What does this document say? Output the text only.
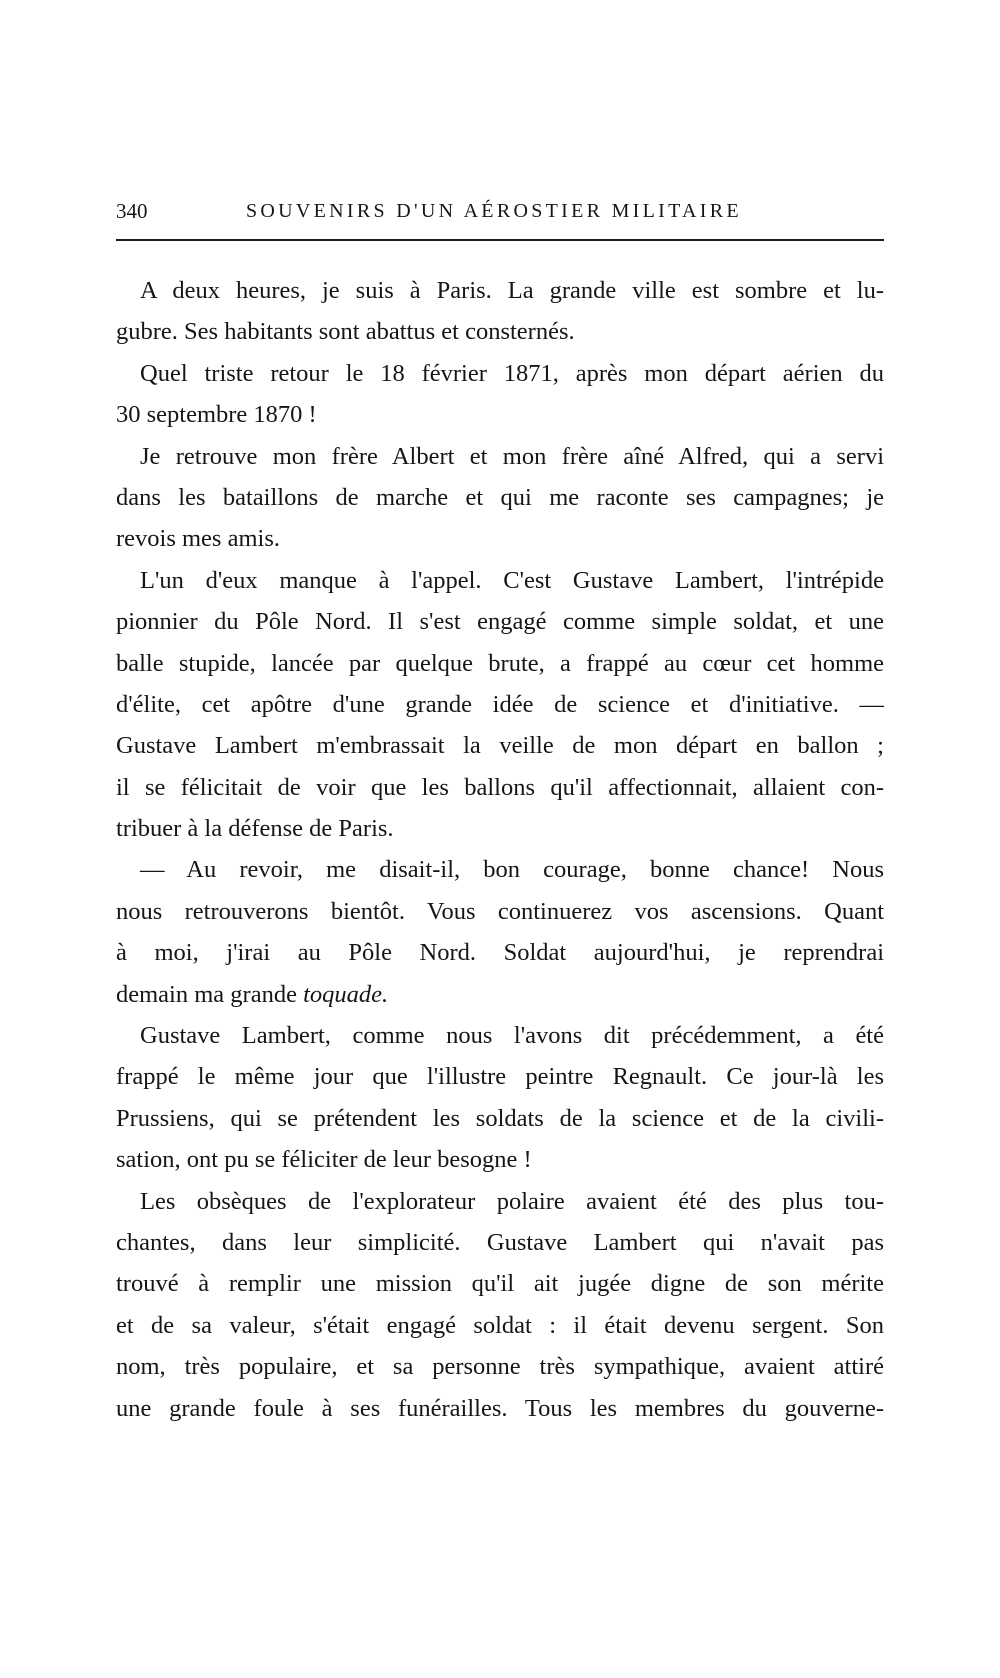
340	SOUVENIRS D'UN AÉROSTIER MILITAIRE
A deux heures, je suis à Paris. La grande ville est sombre et lu-
gubre. Ses habitants sont abattus et consternés.
Quel triste retour le 18 février 1871, après mon départ aérien du
30 septembre 1870 !
Je retrouve mon frère Albert et mon frère aîné Alfred, qui a servi
dans les bataillons de marche et qui me raconte ses campagnes; je
revois mes amis.
L'un d'eux manque à l'appel. C'est Gustave Lambert, l'intrépide
pionnier du Pôle Nord. Il s'est engagé comme simple soldat, et une
balle stupide, lancée par quelque brute, a frappé au cœur cet homme
d'élite, cet apôtre d'une grande idée de science et d'initiative. —
Gustave Lambert m'embrassait la veille de mon départ en ballon ;
il se félicitait de voir que les ballons qu'il affectionnait, allaient con-
tribuer à la défense de Paris.
— Au revoir, me disait-il, bon courage, bonne chance! Nous
nous retrouverons bientôt. Vous continuerez vos ascensions. Quant
à moi, j'irai au Pôle Nord. Soldat aujourd'hui, je reprendrai
demain ma grande toquade.
Gustave Lambert, comme nous l'avons dit précédemment, a été
frappé le même jour que l'illustre peintre Regnault. Ce jour-là les
Prussiens, qui se prétendent les soldats de la science et de la civili-
sation, ont pu se féliciter de leur besogne !
Les obsèques de l'explorateur polaire avaient été des plus tou-
chantes, dans leur simplicité. Gustave Lambert qui n'avait pas
trouvé à remplir une mission qu'il ait jugée digne de son mérite
et de sa valeur, s'était engagé soldat : il était devenu sergent. Son
nom, très populaire, et sa personne très sympathique, avaient attiré
une grande foule à ses funérailles. Tous les membres du gouverne-
